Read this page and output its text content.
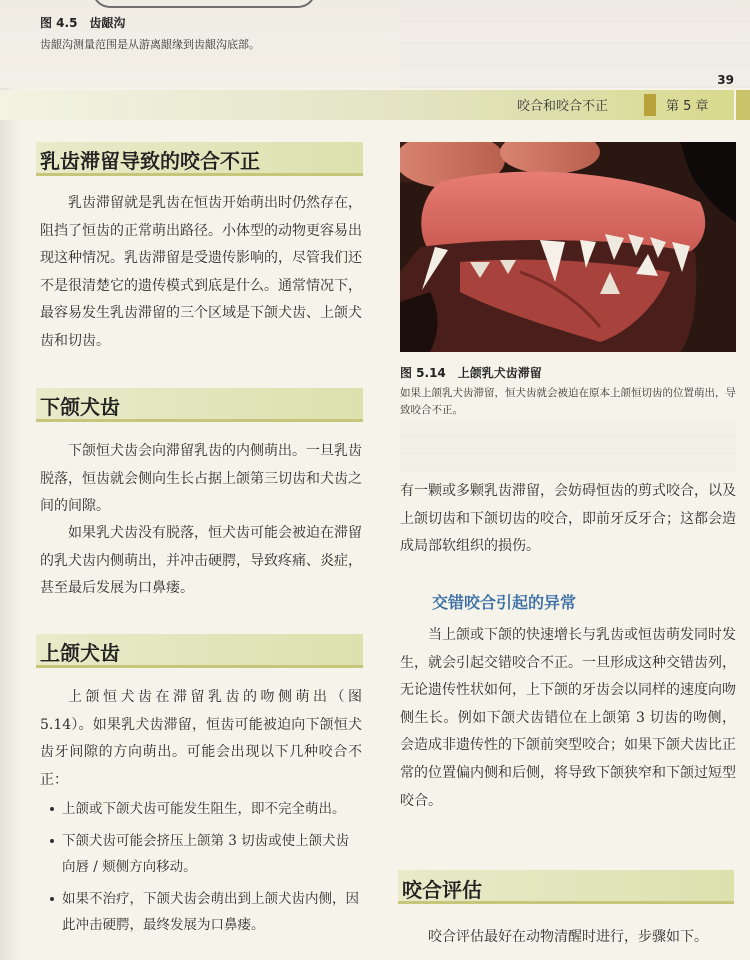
图 4.5　齿龈沟
齿龈沟测量范围是从游离龈缘到齿龈沟底部。
39
咬合和咬合不正	第 5 章
乳齿滞留导致的咬合不正
乳齿滞留就是乳齿在恒齿开始萌出时仍然存在，阻挡了恒齿的正常萌出路径。小体型的动物更容易出现这种情况。乳齿滞留是受遗传影响的，尽管我们还不是很清楚它的遗传模式到底是什么。通常情况下，最容易发生乳齿滞留的三个区域是下颌犬齿、上颌犬齿和切齿。
下颌犬齿
下颌恒犬齿会向滞留乳齿的内侧萌出。一旦乳齿脱落，恒齿就会侧向生长占据上颌第三切齿和犬齿之间的间隙。
如果乳犬齿没有脱落，恒犬齿可能会被迫在滞留的乳犬齿内侧萌出，并冲击硬腭，导致疼痛、炎症，甚至最后发展为口鼻瘘。
上颌犬齿
上颌恒犬齿在滞留乳齿的吻侧萌出（图 5.14）。如果乳犬齿滞留，恒齿可能被迫向下颌恒犬齿牙间隙的方向萌出。可能会出现以下几种咬合不正：
上颌或下颌犬齿可能发生阻生，即不完全萌出。
下颌犬齿可能会挤压上颌第 3 切齿或使上颌犬齿向唇 / 颊侧方向移动。
如果不治疗，下颌犬齿会萌出到上颌犬齿内侧，因此冲击硬腭，最终发展为口鼻瘘。
图 5.14　上颌乳犬齿滞留
如果上颌乳犬齿滞留，恒犬齿就会被迫在原本上颌恒切齿的位置萌出，导致咬合不正。
有一颗或多颗乳齿滞留，会妨碍恒齿的剪式咬合，以及上颌切齿和下颌切齿的咬合，即前牙反牙合；这都会造成局部软组织的损伤。
交错咬合引起的异常
当上颌或下颌的快速增长与乳齿或恒齿萌发同时发生，就会引起交错咬合不正。一旦形成这种交错齿列，无论遗传性状如何，上下颌的牙齿会以同样的速度向吻侧生长。例如下颌犬齿错位在上颌第 3 切齿的吻侧，会造成非遗传性的下颌前突型咬合；如果下颌犬齿比正常的位置偏内侧和后侧，将导致下颌狭窄和下颌过短型咬合。
咬合评估
咬合评估最好在动物清醒时进行，步骤如下。
